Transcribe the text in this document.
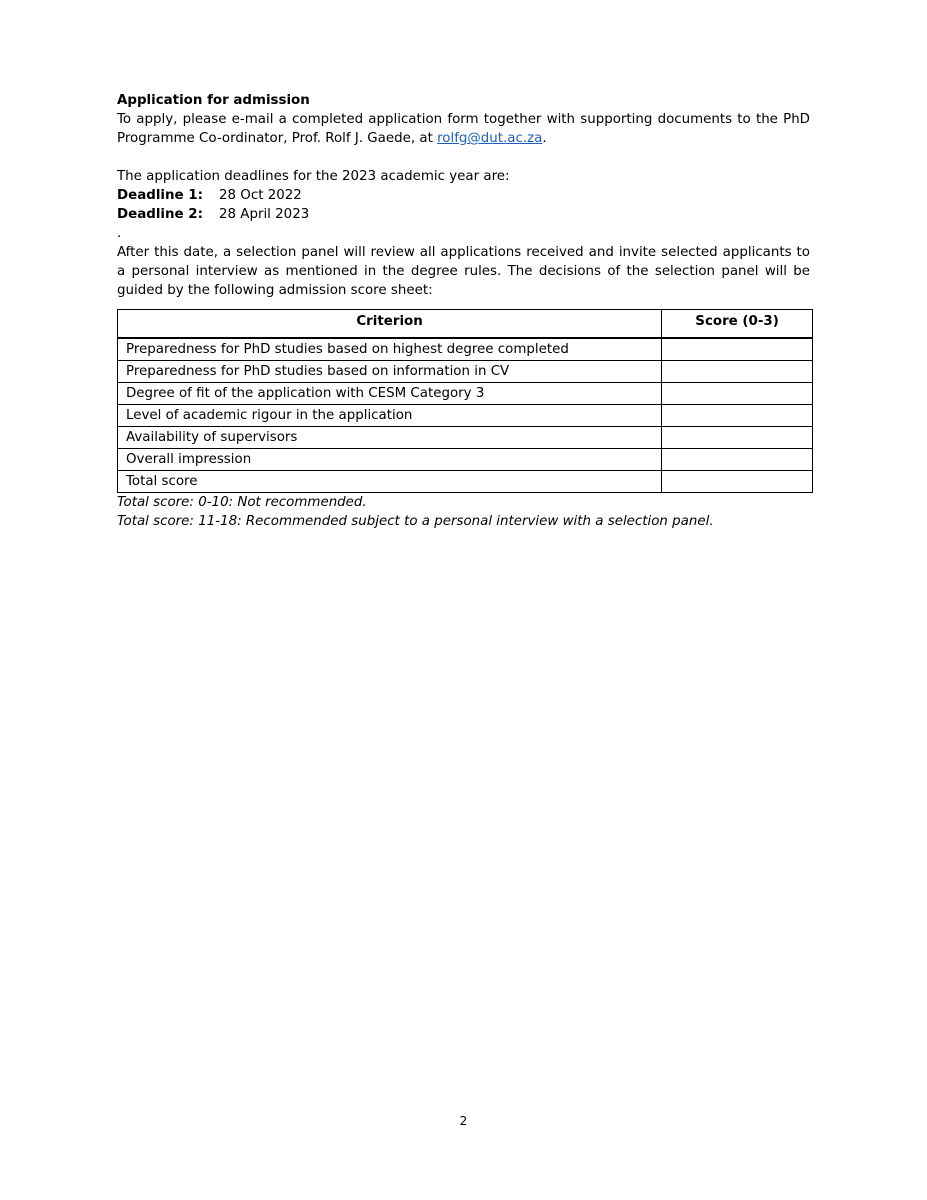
Application for admission

To apply, please e-mail a completed application form together with supporting documents to the PhD Programme Co-ordinator, Prof. Rolf J. Gaede, at rolfg@dut.ac.za.

The application deadlines for the 2023 academic year are:

Deadline 1:	28 Oct 2022
Deadline 2:	28 April 2023
.

After this date, a selection panel will review all applications received and invite selected applicants to a personal interview as mentioned in the degree rules. The decisions of the selection panel will be guided by the following admission score sheet:

Criterion	Score (0-3)
Preparedness for PhD studies based on highest degree completed	
Preparedness for PhD studies based on information in CV	
Degree of fit of the application with CESM Category 3	
Level of academic rigour in the application	
Availability of supervisors	
Overall impression	
Total score	

Total score: 0-10: Not recommended.

Total score: 11-18: Recommended subject to a personal interview with a selection panel.

2
